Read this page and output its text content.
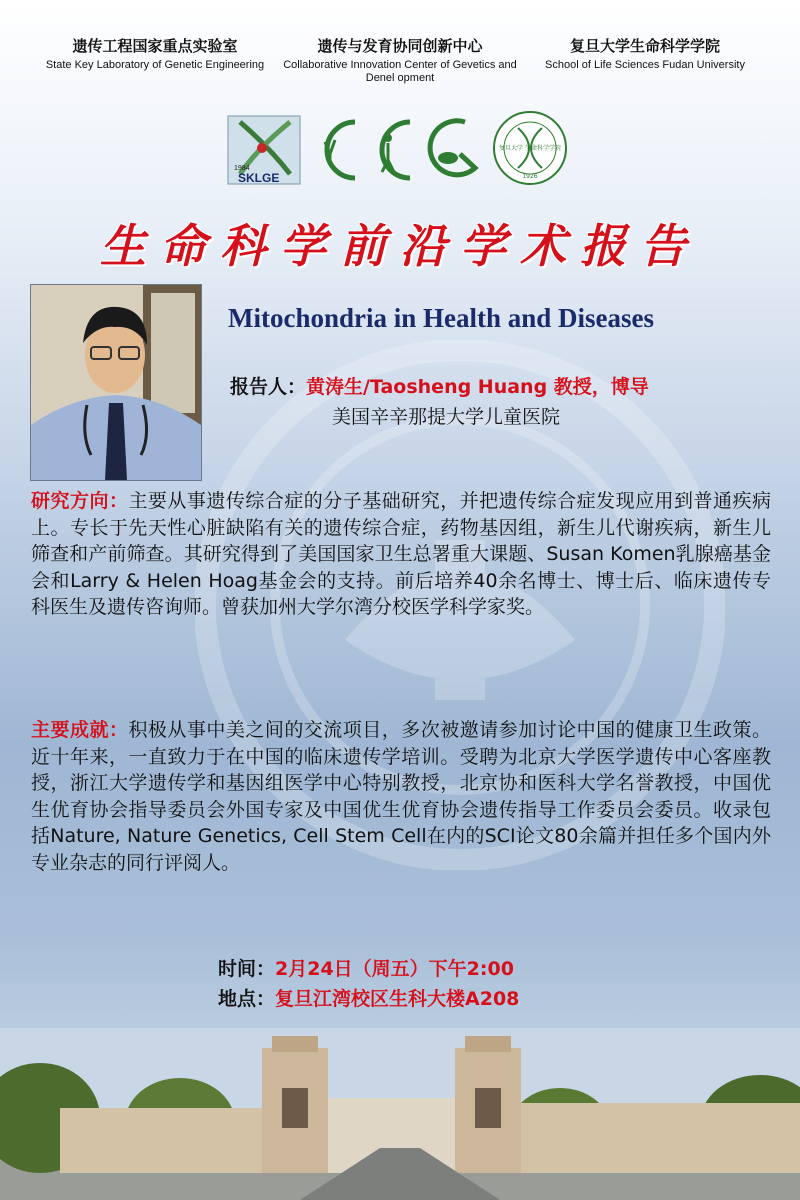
遗传工程国家重点实验室
State Key Laboratory of Genetic Engineering
遗传与发育协同创新中心
Collaborative Innovation Center of Gevetics and Denel opment
复旦大学生命科学学院
School of Life Sciences Fudan University
1984
SKLGE
复旦大学 生命科学学院
1926
生命科学前沿学术报告
Mitochondria in Health and Diseases
报告人：黄涛生/Taosheng Huang 教授，博导
美国辛辛那提大学儿童医院
研究方向：主要从事遗传综合症的分子基础研究，并把遗传综合症发现应用到普通疾病上。专长于先天性心脏缺陷有关的遗传综合症，药物基因组，新生儿代谢疾病，新生儿筛查和产前筛查。其研究得到了美国国家卫生总署重大课题、Susan Komen乳腺癌基金会和Larry & Helen Hoag基金会的支持。前后培养40余名博士、博士后、临床遗传专科医生及遗传咨询师。曾获加州大学尔湾分校医学科学家奖。
主要成就：积极从事中美之间的交流项目，多次被邀请参加讨论中国的健康卫生政策。近十年来，一直致力于在中国的临床遗传学培训。受聘为北京大学医学遗传中心客座教授，浙江大学遗传学和基因组医学中心特别教授，北京协和医科大学名誉教授，中国优生优育协会指导委员会外国专家及中国优生优育协会遗传指导工作委员会委员。收录包括Nature, Nature Genetics, Cell Stem Cell在内的SCI论文80余篇并担任多个国内外专业杂志的同行评阅人。
时间：2月24日（周五）下午2:00
地点：复旦江湾校区生科大楼A208
